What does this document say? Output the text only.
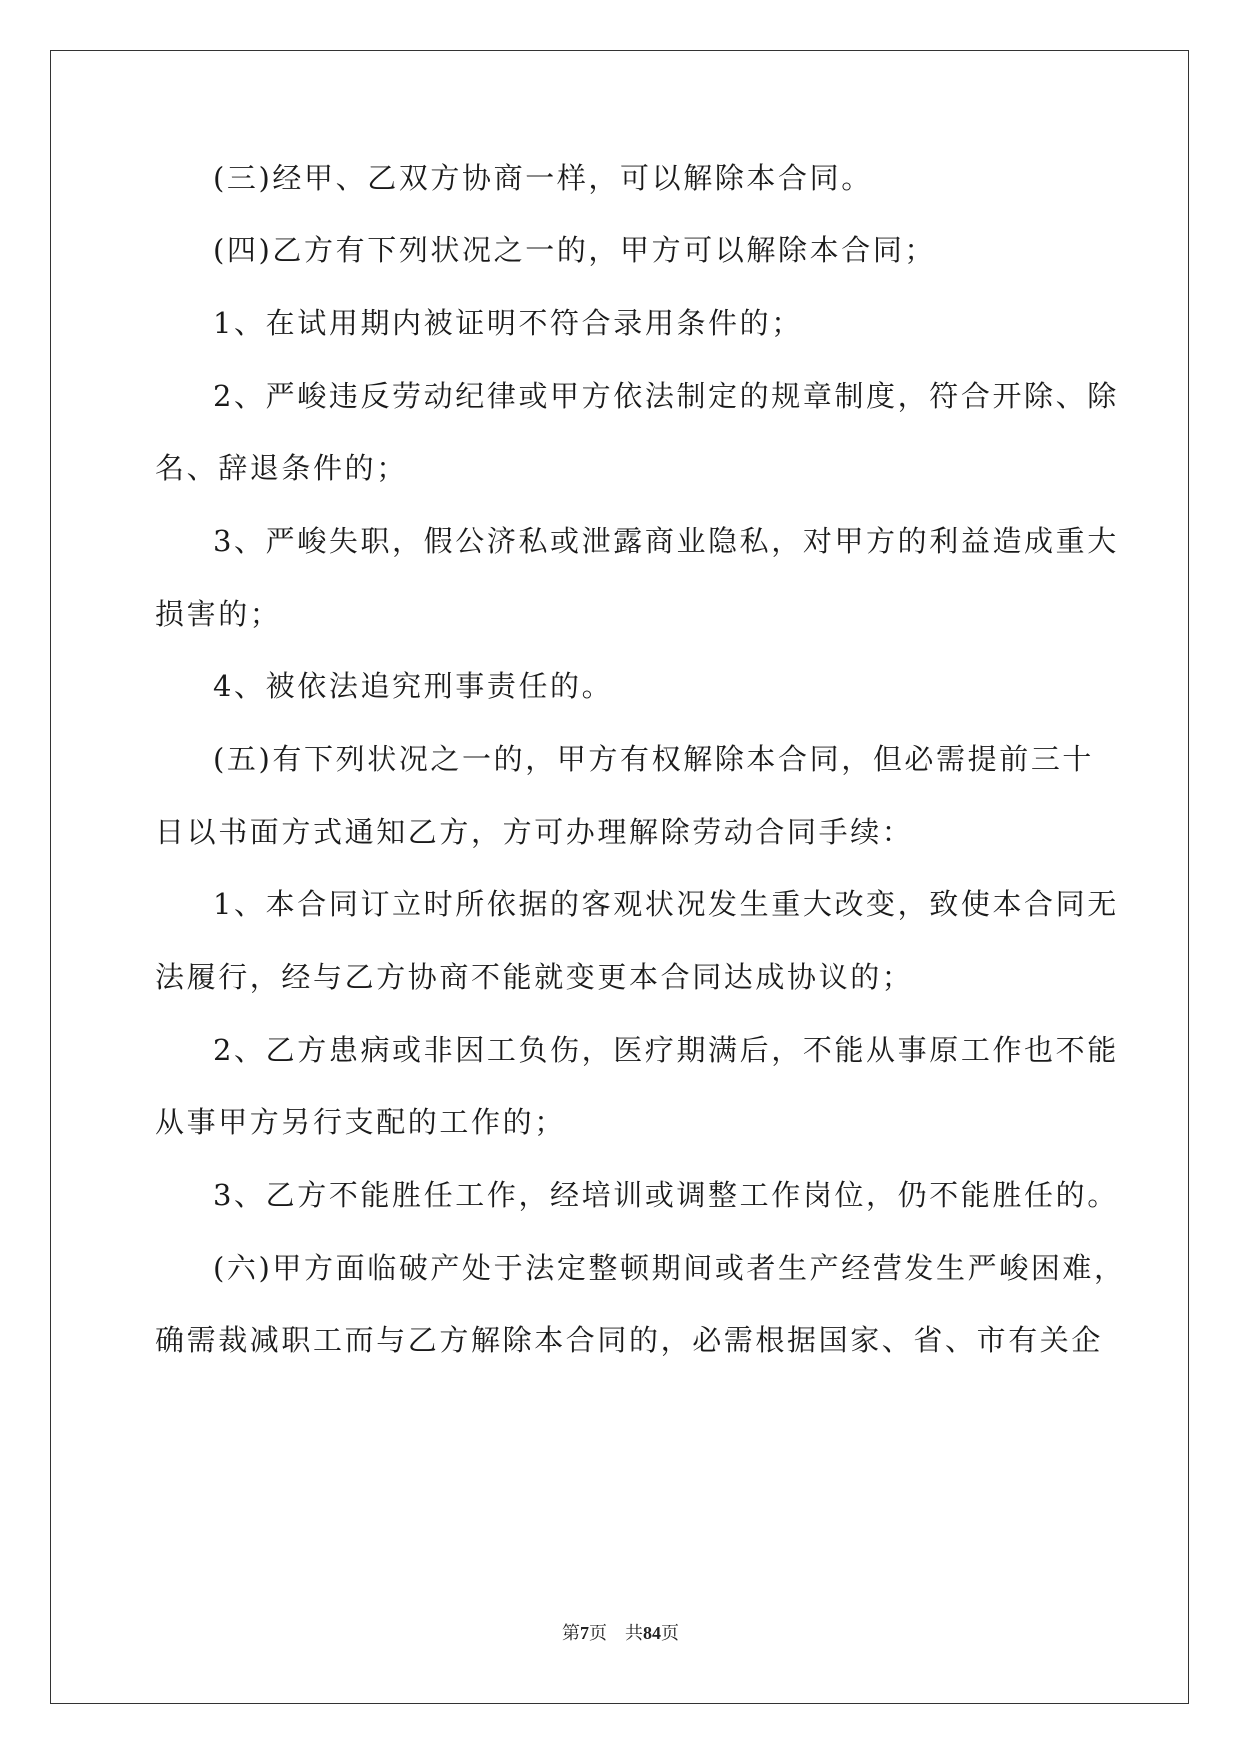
(三)经甲、乙双方协商一样，可以解除本合同。
(四)乙方有下列状况之一的，甲方可以解除本合同；
1、在试用期内被证明不符合录用条件的；
2、严峻违反劳动纪律或甲方依法制定的规章制度，符合开除、除
名、辞退条件的；
3、严峻失职，假公济私或泄露商业隐私，对甲方的利益造成重大
损害的；
4、被依法追究刑事责任的。
(五)有下列状况之一的，甲方有权解除本合同，但必需提前三十
日以书面方式通知乙方，方可办理解除劳动合同手续：
1、本合同订立时所依据的客观状况发生重大改变，致使本合同无
法履行，经与乙方协商不能就变更本合同达成协议的；
2、乙方患病或非因工负伤，医疗期满后，不能从事原工作也不能
从事甲方另行支配的工作的；
3、乙方不能胜任工作，经培训或调整工作岗位，仍不能胜任的。
(六)甲方面临破产处于法定整顿期间或者生产经营发生严峻困难，
确需裁减职工而与乙方解除本合同的，必需根据国家、省、市有关企
第7页 共84页
